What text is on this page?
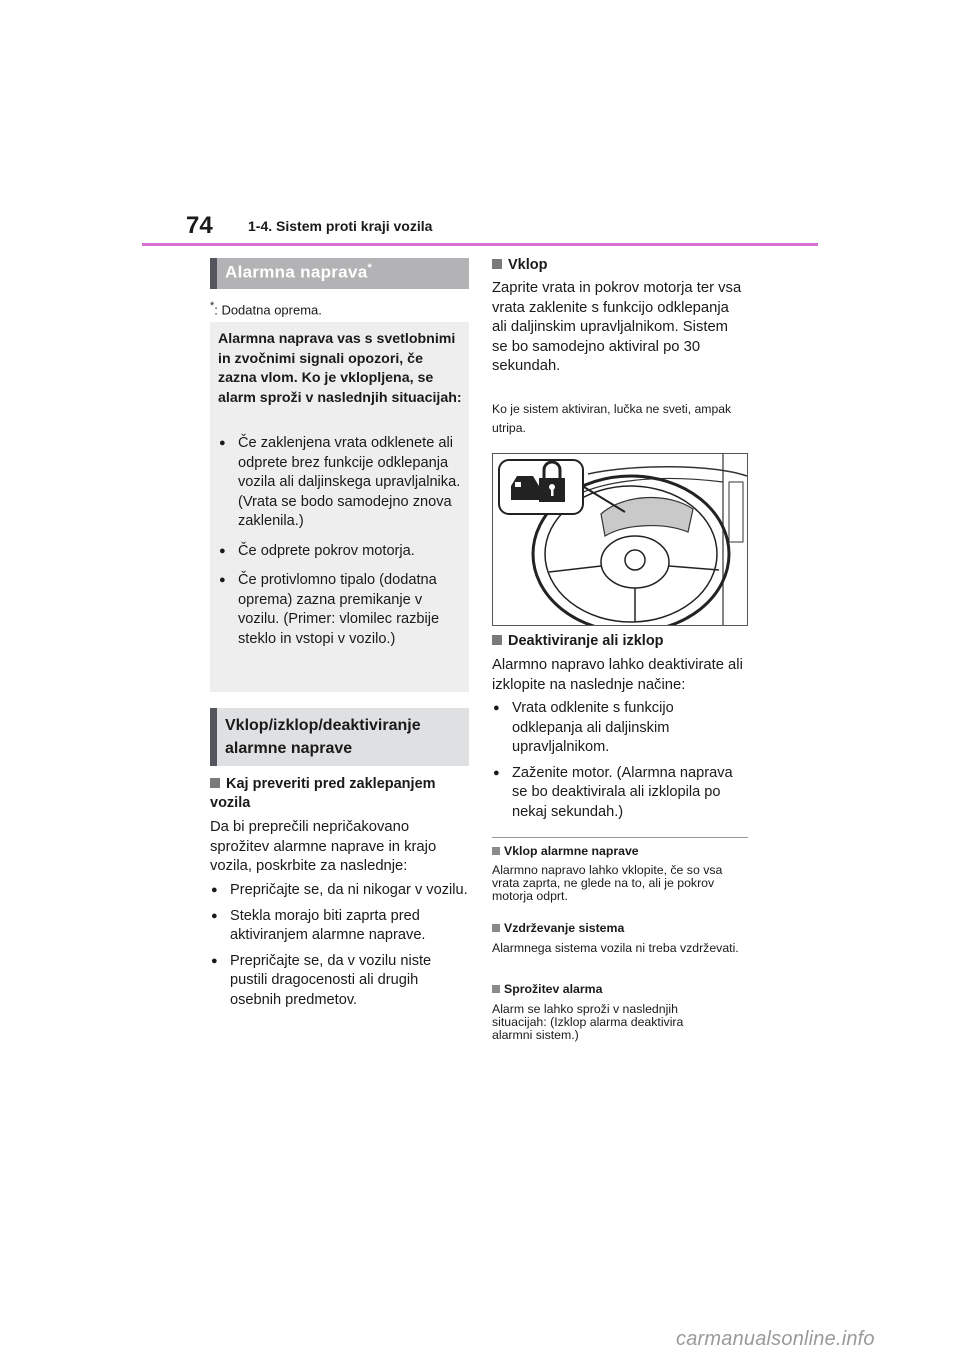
74	1-4. Sistem proti kraji vozila
Alarmna naprava*
*: Dodatna oprema.
Alarmna naprava vas s svetlobnimi in zvočnimi signali opozori, če zazna vlom. Ko je vklopljena, se alarm sproži v naslednjih situacijah:
● Če zaklenjena vrata odklenete ali odprete brez funkcije odklepanja vozila ali daljinskega upravljalnika. (Vrata se bodo samodejno znova zaklenila.)
● Če odprete pokrov motorja.
● Če protivlomno tipalo (dodatna oprema) zazna premikanje v vozilu. (Primer: vlomilec razbije steklo in vstopi v vozilo.)
Vklop/izklop/deaktiviranje alarmne naprave
Kaj preveriti pred zaklepanjem vozila
Da bi preprečili nepričakovano sprožitev alarmne naprave in krajo vozila, poskrbite za naslednje:
● Prepričajte se, da ni nikogar v vozilu.
● Stekla morajo biti zaprta pred aktiviranjem alarmne naprave.
● Prepričajte se, da v vozilu niste pustili dragocenosti ali drugih osebnih predmetov.
Vklop
Zaprite vrata in pokrov motorja ter vsa vrata zaklenite s funkcijo odklepanja ali daljinskim upravljalnikom. Sistem se bo samodejno aktiviral po 30 sekundah.
Ko je sistem aktiviran, lučka ne sveti, ampak utripa.
Deaktiviranje ali izklop
Alarmno napravo lahko deaktivirate ali izklopite na naslednje načine:
● Vrata odklenite s funkcijo odklepanja ali daljinskim upravljalnikom.
● Zaženite motor. (Alarmna naprava se bo deaktivirala ali izklopila po nekaj sekundah.)
Vklop alarmne naprave
Alarmno napravo lahko vklopite, če so vsa vrata zaprta, ne glede na to, ali je pokrov motorja odprt.
Vzdrževanje sistema
Alarmnega sistema vozila ni treba vzdrževati.
Sprožitev alarma
Alarm se lahko sproži v naslednjih situacijah: (Izklop alarma deaktivira alarmni sistem.)
carmanualsonline.info
